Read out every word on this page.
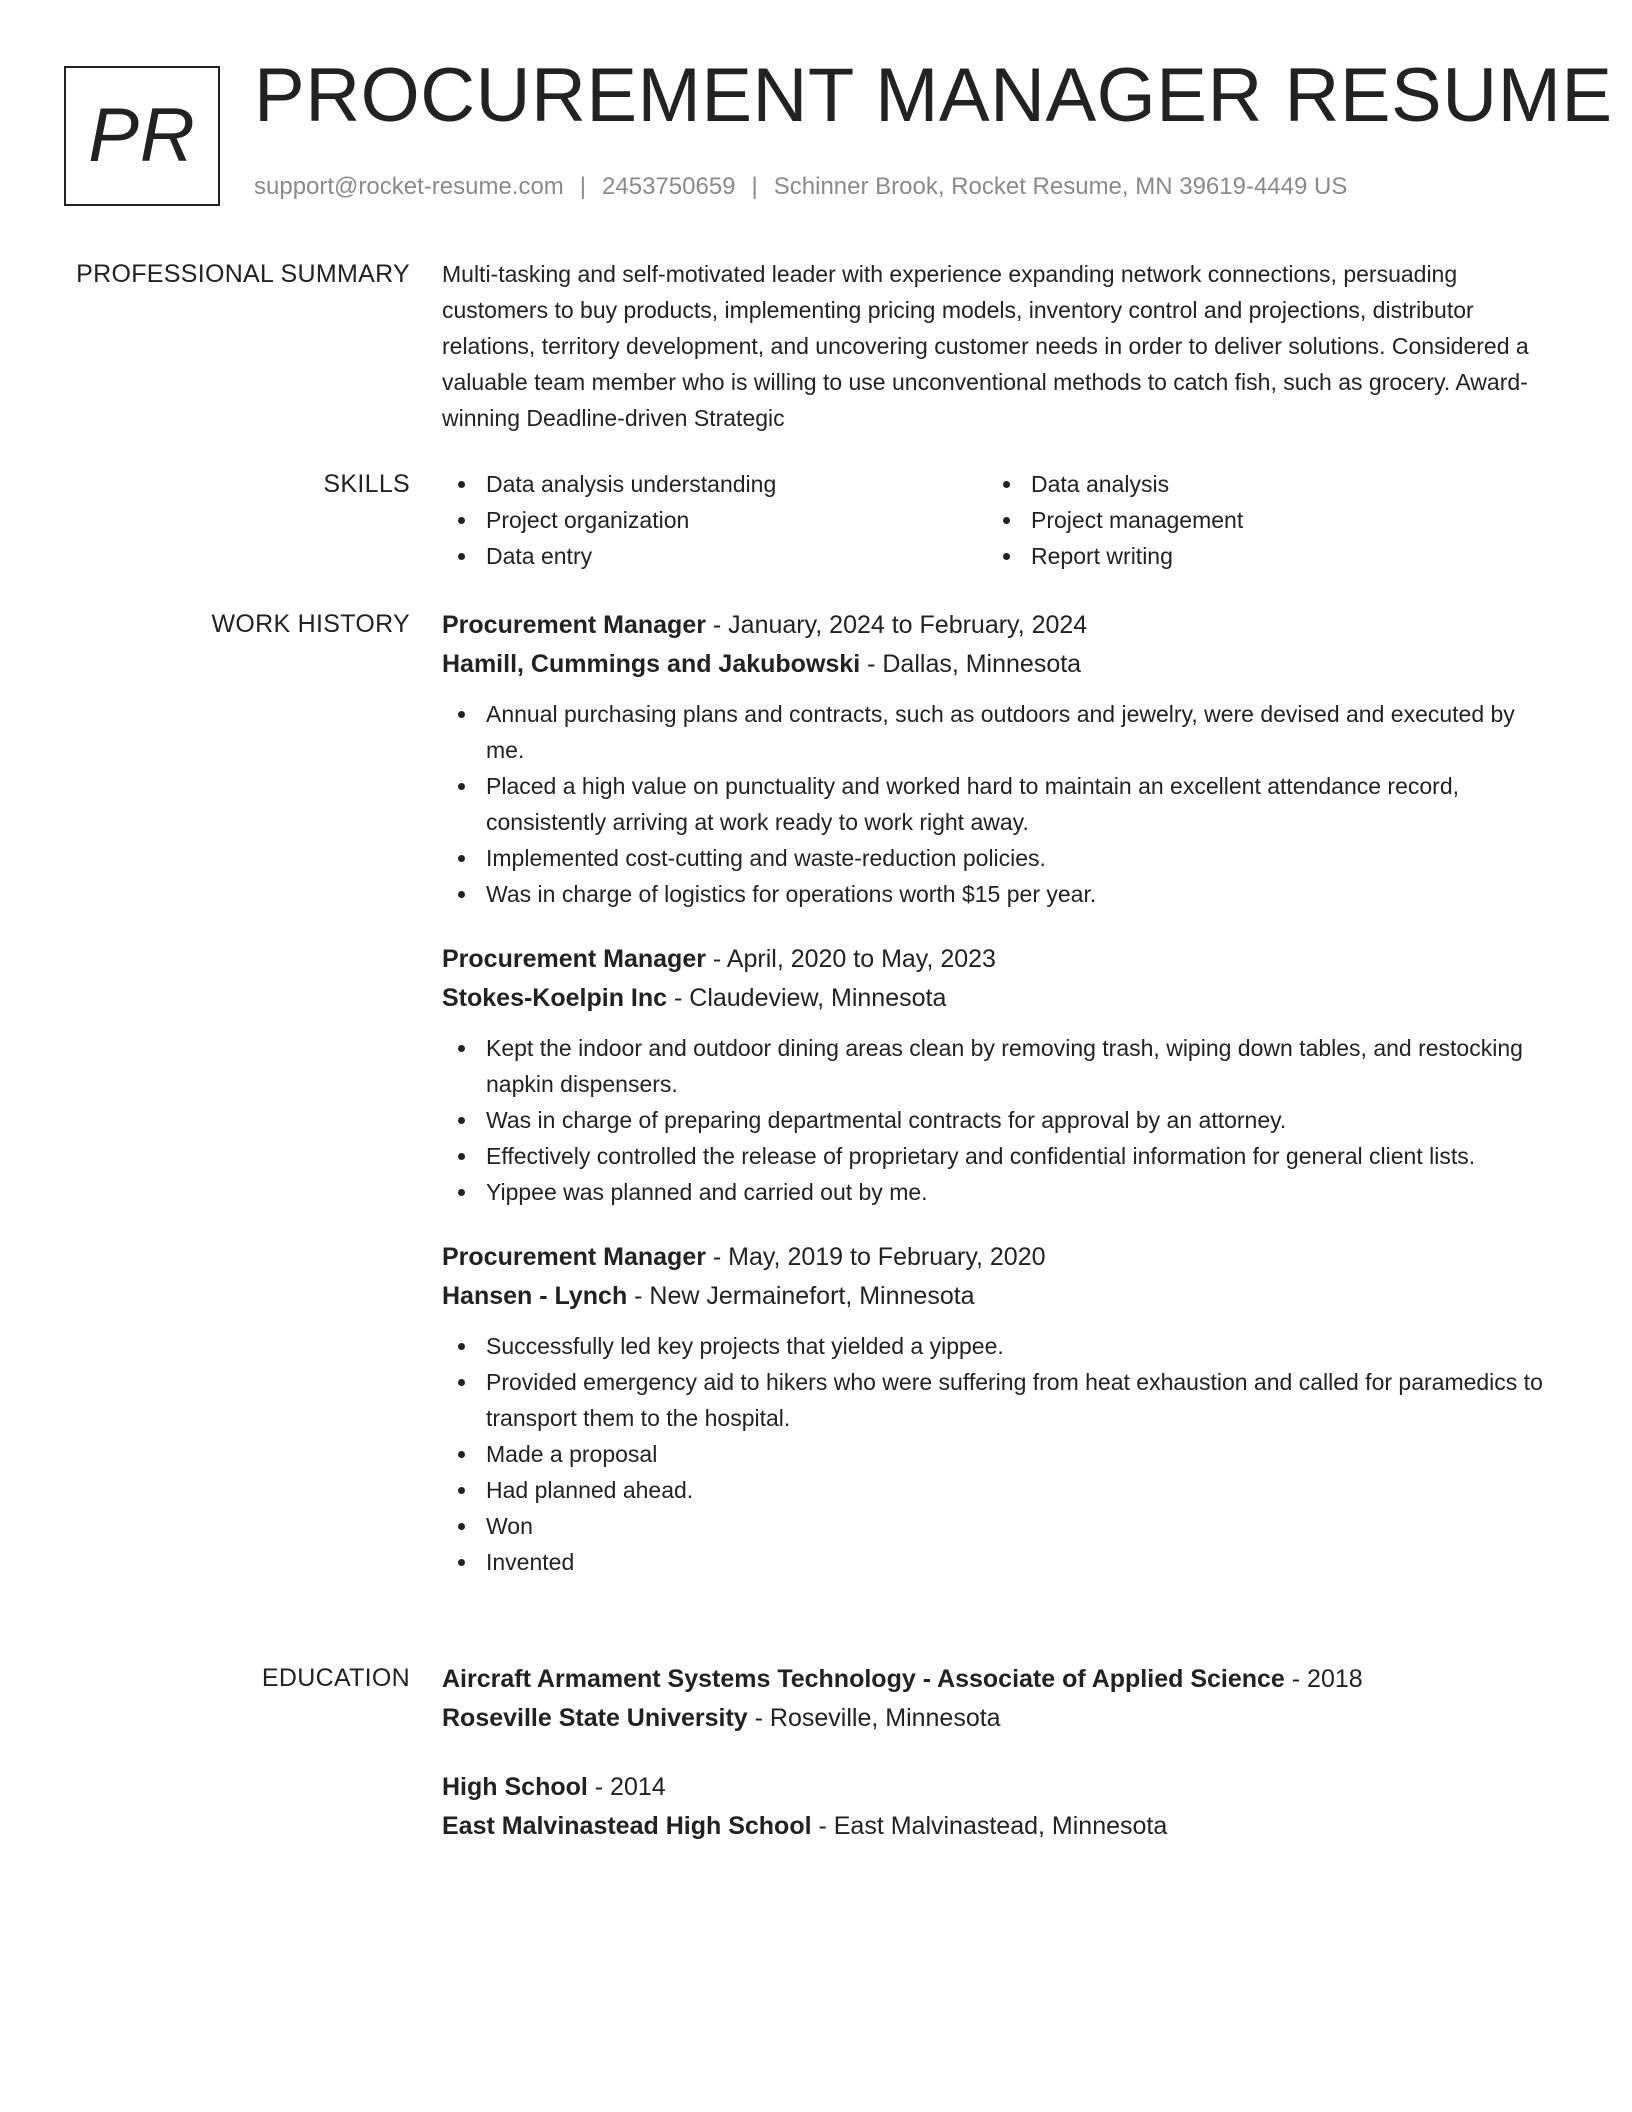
PR PROCUREMENT MANAGER RESUME
support@rocket-resume.com | 2453750659 | Schinner Brook, Rocket Resume, MN 39619-4449 US
PROFESSIONAL SUMMARY Multi-tasking and self-motivated leader with experience expanding network connections, persuading customers to buy products, implementing pricing models, inventory control and projections, distributor relations, territory development, and uncovering customer needs in order to deliver solutions. Considered a valuable team member who is willing to use unconventional methods to catch fish, such as grocery. Award-winning Deadline-driven Strategic

SKILLS	Data analysis understanding
Project organization
Data entry
Data analysis
Project management
Report writing
WORK HISTORY Procurement Manager - January, 2024 to February, 2024
Hamill, Cummings and Jakubowski - Dallas, Minnesota
Annual purchasing plans and contracts, such as outdoors and jewelry, were devised and executed by me.
Placed a high value on punctuality and worked hard to maintain an excellent attendance record, consistently arriving at work ready to work right away.
Implemented cost-cutting and waste-reduction policies.
Was in charge of logistics for operations worth $15 per year.
Procurement Manager - April, 2020 to May, 2023
Stokes-Koelpin Inc - Claudeview, Minnesota
Kept the indoor and outdoor dining areas clean by removing trash, wiping down tables, and restocking napkin dispensers.
Was in charge of preparing departmental contracts for approval by an attorney.
Effectively controlled the release of proprietary and confidential information for general client lists.
Yippee was planned and carried out by me.
Procurement Manager - May, 2019 to February, 2020
Hansen - Lynch - New Jermainefort, Minnesota
Successfully led key projects that yielded a yippee.
Provided emergency aid to hikers who were suffering from heat exhaustion and called for paramedics to transport them to the hospital.
Made a proposal
Had planned ahead.
Won
Invented
EDUCATION Aircraft Armament Systems Technology - Associate of Applied Science - 2018
Roseville State University - Roseville, Minnesota
High School - 2014
East Malvinastead High School - East Malvinastead, Minnesota
